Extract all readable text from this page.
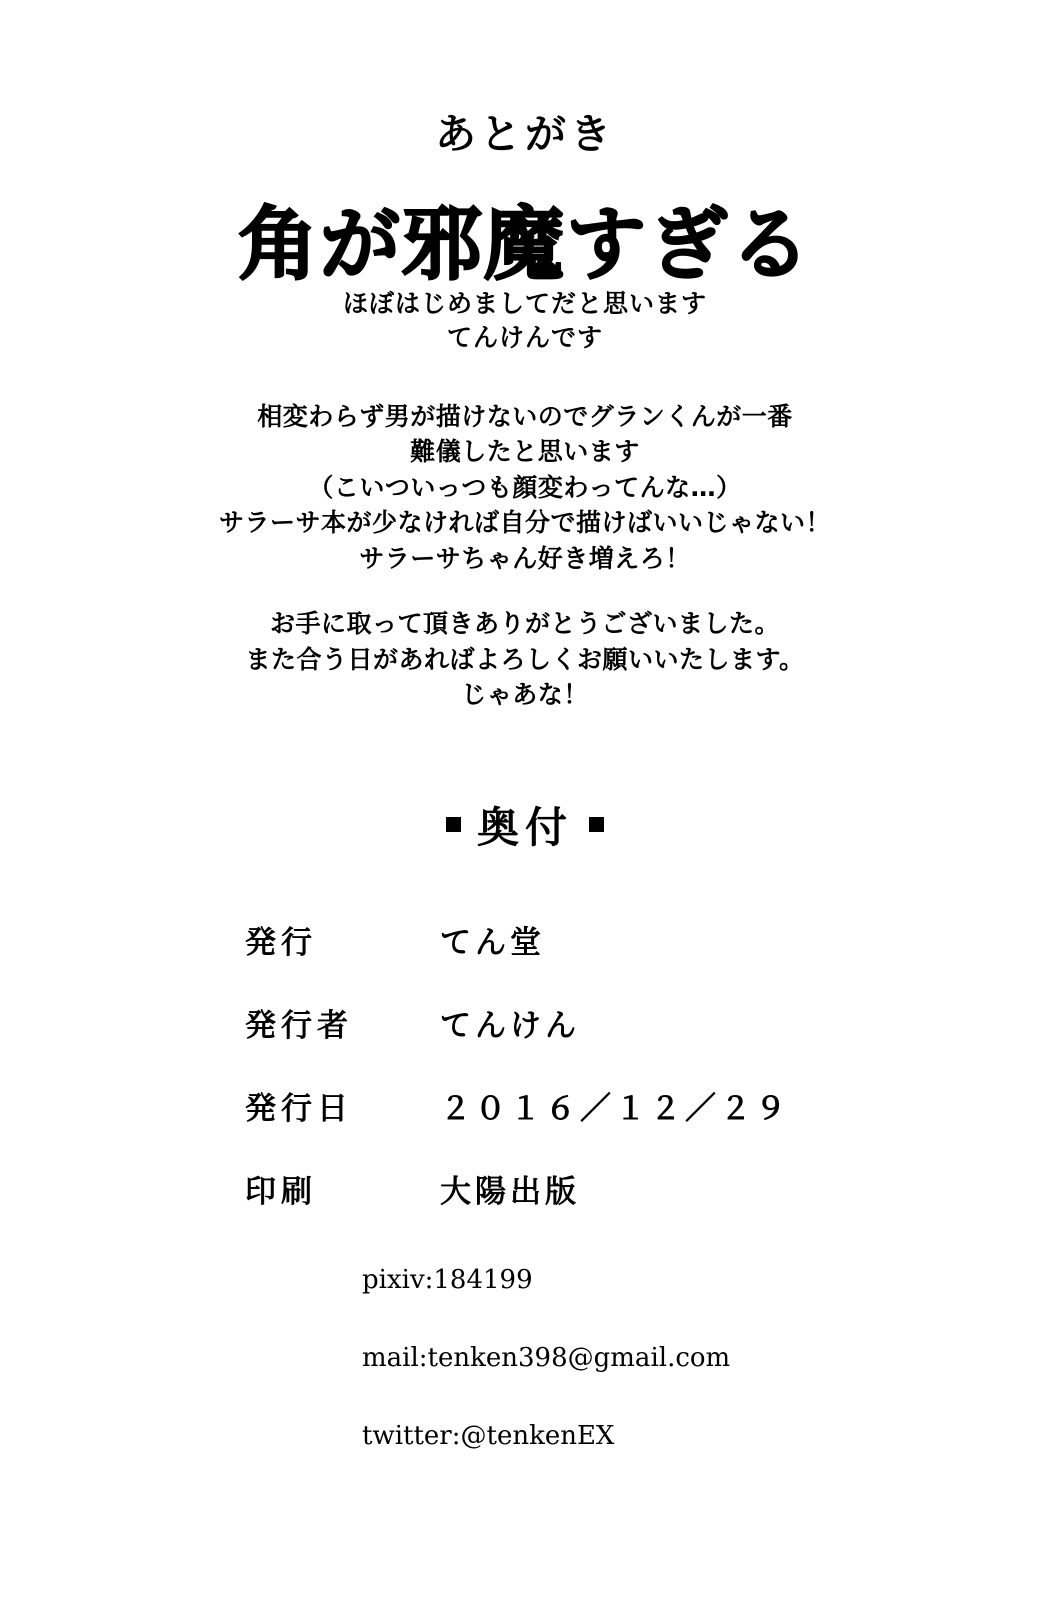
あとがき
角が邪魔すぎる
ほぼはじめましてだと思います
てんけんです
相変わらず男が描けないのでグランくんが一番
難儀したと思います
（こいついっつも顔変わってんな…）
サラーサ本が少なければ自分で描けばいいじゃない！
サラーサちゃん好き増えろ！
お手に取って頂きありがとうございました。
また合う日があればよろしくお願いいたします。
じゃあな！
奥付
発行	てん堂
発行者	てんけん
発行日	２０１６／１２／２９
印刷	大陽出版
pixiv:184199
mail:tenken398@gmail.com
twitter:@tenkenEX
